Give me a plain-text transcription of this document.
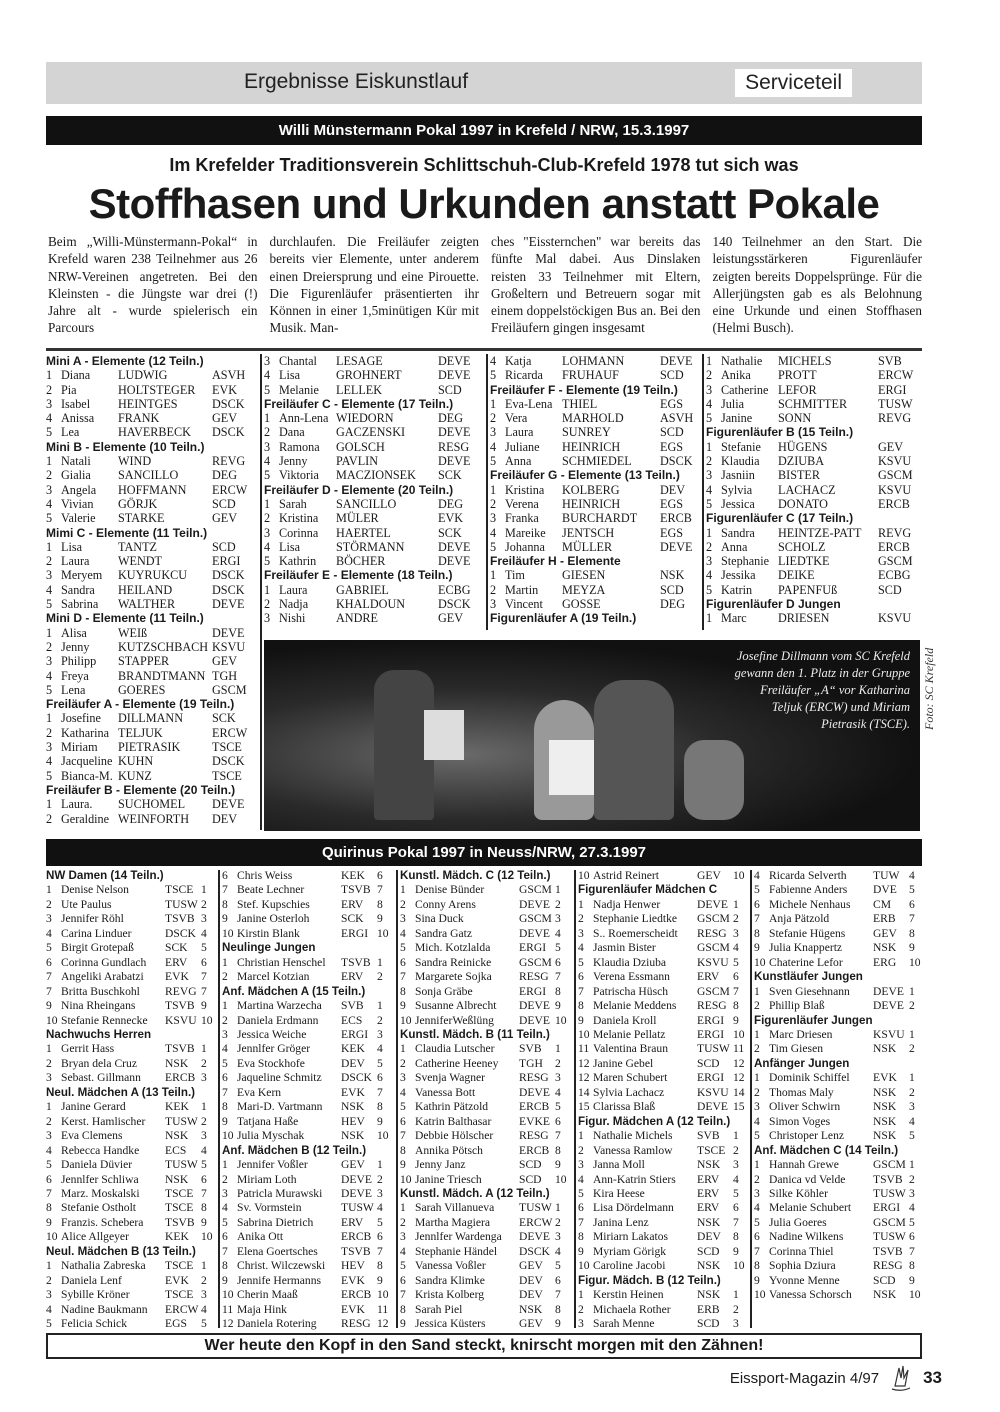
Ergebnisse Eiskunstlauf	Serviceteil
Willi Münstermann Pokal 1997 in Krefeld / NRW, 15.3.1997
Im Krefelder Traditionsverein Schlittschuh-Club-Krefeld 1978 tut sich was
Stoffhasen und Urkunden anstatt Pokale

Beim „Willi-Münstermann-Pokal“ in Krefeld waren 238 Teilnehmer aus 26 NRW-Vereinen angetreten. Bei den Kleinsten - die Jüngste war drei (!) Jahre alt - wurde spielerisch ein Parcours

durchlaufen. Die Freiläufer zeigten bereits vier Elemente, unter anderem einen Dreiersprung und eine Pirouette. Die Figurenläufer präsentierten ihr Können in einer 1,5minütigen Kür mit Musik. Man-

ches "Eissternchen" war bereits das fünfte Mal dabei. Aus Dinslaken reisten 33 Teilnehmer mit Eltern, Großeltern und Betreuern sogar mit einem doppelstöckigen Bus an. Bei den Freiläufern gingen insgesamt

140 Teilnehmer an den Start. Die leistungsstärkeren Figurenläufer zeigten bereits Doppelsprünge. Für die Allerjüngsten gab es als Belohnung eine Urkunde und einen Stoffhasen (Helmi Busch).

Mini A - Elemente (12 Teiln.)
1 Diana	LUDWIG	ASVH
2 Pia	HOLTSTEGER	EVK
3 Isabel	HEINTGES	DSCK
4 Anissa	FRANK	GEV
5 Lea	HAVERBECK	DSCK
Mini B - Elemente (10 Teiln.)
1 Natali	WIND	REVG
2 Gialia	SANCILLO	DEG
3 Angela	HOFFMANN	ERCW
4 Vivian	GÖRJK	SCD
5 Valerie	STARKE	GEV
Mimi C - Elemente (11 Teiln.)
1 Lisa	TANTZ	SCD
2 Laura	WENDT	ERGI
3 Meryem	KUYRUKCU	DSCK
4 Sandra	HEILAND	DSCK
5 Sabrina	WALTHER	DEVE
Mini D - Elemente (11 Teiln.)
1 Alisa	WEIß	DEVE
2 Jenny	KUTZSCHBACH KSVU
3 Philipp	STAPPER	GEV
4 Freya	BRANDTMANN TGH
5 Lena	GOERES	GSCM
Freiläufer A - Elemente (19 Teiln.)
1 Josefine	DILLMANN	SCK
2 Katharina TELJUK	ERCW
3 Miriam	PIETRASIK	TSCE
4 Jacqueline KUHN	DSCK
5 Bianca-M. KUNZ	TSCE
Freiläufer B - Elemente (20 Teiln.)
1 Laura.	SUCHOMEL	DEVE
2 Geraldine WEINFORTH	DEV
3 Chantal	LESAGE	DEVE
4 Lisa	GROHNERT	DEVE
5 Melanie	LELLEK	SCD
Freiläufer C - Elemente (17 Teiln.)
1 Ann-Lena WIEDORN	DEG
2 Dana	GACZENSKI	DEVE
3 Ramona	GOLSCH	RESG
4 Jenny	PAVLIN	DEVE
5 Viktoria	MACZIONSEK	SCK
Freiläufer D - Elemente (20 Teiln.)
1 Sarah	SANCILLO	DEG
2 Kristina	MÜLER	EVK
3 Corinna	HAERTEL	SCK
4 Lisa	STÖRMANN	DEVE
5 Kathrin	BÖCHER	DEVE
Freiläufer E - Elemente (18 Teiln.)
1 Laura	GABRIEL	ECBG
2 Nadja	KHALDOUN	DSCK
3 Nishi	ANDRE	GEV
4 Katja	LOHMANN	DEVE
5 Ricarda	FRUHAUF	SCD
Freiläufer F - Elemente (19 Teiln.)
1 Eva-Lena THIEL	EGS
2 Vera	MARHOLD	ASVH
3 Laura	SUNREY	SCD
4 Juliane	HEINRICH	EGS
5 Anna	SCHMIEDEL	DSCK
Freiläufer G - Elemente (13 Teiln.)
1 Kristina	KOLBERG	DEV
2 Verena	HEINRICH	EGS
3 Franka	BURCHARDT	ERCB
4 Mareike	JENTSCH	EGS
5 Johanna	MÜLLER	DEVE
Freiläufer H - Elemente
1 Tim	GIESEN	NSK
2 Martin	MEYZA	SCD
3 Vincent	GOSSE	DEG
Figurenläufer A (19 Teiln.)
1 Nathalie	MICHELS	SVB
2 Anika	PROTT	ERCW
3 Catherine LEFOR	ERGI
4 Julia	SCHMITTER	TUSW
5 Janine	SONN	REVG
Figurenläufer B (15 Teiln.)
1 Stefanie	HÜGENS	GEV
2 Klaudia	DZIUBA	KSVU
3 Jasniin	BISTER	GSCM
4 Sylvia	LACHACZ	KSVU
5 Jessica	DONATO	ERCB
Figurenläufer C (17 Teiln.)
1 Sandra	HEINTZE-PATT	REVG
2 Anna	SCHOLZ	ERCB
3 Stephanie LIEDTKE	GSCM
4 Jessika	DEIKE	ECBG
5 Katrin	PAPENFUß	SCD
Figurenläufer D Jungen
1 Marc	DRIESEN	KSVU
Josefine Dillmann vom SC Krefeld gewann den 1. Platz in der Gruppe Freiläufer „A“ vor Katharina Teljuk (ERCW) und Miriam Pietrasik (TSCE). Foto: SC Krefeld
Quirinus Pokal 1997 in Neuss/NRW, 27.3.1997
NW Damen (14 Teiln.)
1 Denise Nelson	TSCE 1
2 Ute Paulus	TUSW 2
3 Jennifer Röhl	TSVB 3
4 Carina Linduer	DSCK 4
5 Birgit Grotepaß	SCK	5
6 Corinna Gundlach	ERV	6
7 Angeliki Arabatzi	EVK	7
7 Britta Buschkohl	REVG 7
9 Nina Rheingans	TSVB 9
10 Stefanie Rennecke	KSVU 10
Nachwuchs Herren
1 Gerrit Hass	TSVB 1
2 Bryan dela Cruz	NSK	2
3 Sebast. Gillmann	ERCB 3
Neul. Mädchen A (13 Teiln.)
1 Janine Gerard	KEK	1
2 Kerst. Hamlischer	TUSW 2
3 Eva Clemens	NSK	3
4 Rebecca Handke	ECS	4
5 Daniela Düvier	TUSW 5
6 Jennlfer Schliwa	NSK	6
7 Marz. Moskalski	TSCE 7
8 Stefanie Ostholt	TSCE 8
9 Franzis. Schebera	TSVB 9
10 Alice Allgeyer	KEK	10
Neul. Mädchen B (13 Teiln.)
1 Nathalia Zabreska	TSCE 1
2 Daniela Lenf	EVK	2
3 Sybille Kröner	TSCE 3
4 Nadine Baukmann	ERCW 4
5 Felicia Schick	EGS	5
6 Chris Weiss	KEK	6
7 Beate Lechner	TSVB 7
8 Stef. Kupschies	ERV	8
9 Janine Osterloh	SCK	9
10 Kirstin Blank	ERGI 10
Neulinge Jungen
1 Christian Henschel	TSVB 1
2 Marcel Kotzian	ERV	2
Anf. Mädchen A (15 Teiln.)
1 Martina Warzecha	SVB	1
2 Daniela Erdmann	ECS	2
3 Jessica Weiche	ERGI 3
4 Jennlfer Gröger	KEK	4
5 Eva Stockhofe	DEV	5
6 Jaqueline Schmitz	DSCK 6
7 Eva Kern	EVK	7
8 Mari-D. Vartmann	NSK	8
9 Tatjana Haße	HEV	9
10 Julia Myschak	NSK	10
Anf. Mädchen B (12 Teiln.)
1 Jennifer Voßler	GEV	1
2 Miriam Loth	DEVE 2
3 Patricla Murawski	DEVE 3
4 Sv. Vormstein	TUSW 4
5 Sabrina Dietrich	ERV	5
6 Anika Ott	ERCB 6
7 Elena Goertsches	TSVB 7
8 Christ. Wilczewski	HEV	8
9 Jennife Hermanns	EVK	9
10 Cherin Maaß	ERCB 10
11 Maja Hink	EVK	11
12 Daniela Rotering	RESG 12
Kunstl. Mädch. C (12 Teiln.)
1 Denise Bünder	GSCM 1
2 Conny Arens	DEVE 2
3 Sina Duck	GSCM 3
4 Sandra Gatz	DEVE 4
5 Mich. Kotzlalda	ERGI 5
6 Sandra Reinicke	GSCM 6
7 Margarete Sojka	RESG 7
8 Sonja Gräbe	ERGI 8
9 Susanne Albrecht	DEVE 9
10 JenniferWeßlüng	DEVE 10
Kunstl. Mädch. B (11 Teiln.)
1 Claudia Lutscher	SVB	1
2 Catherine Heeney	TGH	2
3 Svenja Wagner	RESG 3
4 Vanessa Bott	DEVE 4
5 Kathrin Pätzold	ERCB 5
6 Katrin Balthasar	EVKE 6
7 Debbie Hölscher	RESG 7
8 Annika Pötsch	ERCB 8
9 Jenny Janz	SCD	9
10 Janine Triesch	SCD	10
Kunstl. Mädch. A (12 Teiln.)
1 Sarah Villanueva	TUSW 1
2 Martha Magiera	ERCW 2
3 Jennlfer Wardenga	DEVE 3
4 Stephanie Händel	DSCK 4
5 Vanessa Voßler	GEV	5
6 Sandra Klimke	DEV	6
7 Krista Kolberg	DEV	7
8 Sarah Piel	NSK	8
9 Jessica Küsters	GEV	9
10 Astrid Reinert	GEV	10
Figurenläufer Mädchen C
1 Nadja Henwer	DEVE 1
2 Stephanie Liedtke	GSCM 2
3 S.. Roemerscheidt	RESG 3
4 Jasmin Bister	GSCM 4
5 Klaudia Dziuba	KSVU 5
6 Verena Essmann	ERV	6
7 Patrischa Hüsch	GSCM 7
8 Melanie Meddens	RESG 8
9 Daniela Kroll	ERGI 9
10 Melanie Pellatz	ERGI 10
11 Valentina Braun	TUSW 11
12 Janine Gebel	SCD	12
12 Maren Schubert	ERGI 12
14 Sylvia Lachacz	KSVU 14
15 Clarissa Blaß	DEVE 15
Figur. Mädchen A (12 Teiln.)
1 Nathalie Michels	SVB	1
2 Vanessa Ramlow	TSCE 2
3 Janna Moll	NSK	3
4 Ann-Katrin Stiers	ERV	4
5 Kira Heese	ERV	5
6 Lisa Dördelmann	ERV	6
7 Janina Lenz	NSK	7
8 Miriarn Lakatos	DEV	8
9 Myriam Görigk	SCD	9
10 Caroline Jacobi	NSK	10
Figur. Mädch. B (12 Teiln.)
1 Kerstin Heinen	NSK	1
2 Michaela Rother	ERB	2
3 Sarah Menne	SCD	3
4 Ricarda Selverth	TUW 4
5 Fabienne Anders	DVE	5
6 Michele Nenhaus	CM	6
7 Anja Pätzold	ERB	7
8 Stefanie Hügens	GEV	8
9 Julia Knappertz	NSK	9
10 Chaterine Lefor	ERG	10
Kunstläufer Jungen
1 Sven Giesehnann	DEVE 1
2 Phillip Blaß	DEVE 2
Figurenläufer Jungen
1 Marc Driesen	KSVU 1
2 Tim Giesen	NSK	2
Anfänger Jungen
1 Dominik Schiffel	EVK	1
2 Thomas Maly	NSK	2
3 Oliver Schwirn	NSK	3
4 Simon Voges	NSK	4
5 Christoper Lenz	NSK	5
Anf. Mädchen C (14 Teiln.)
1 Hannah Grewe	GSCM 1
2 Danica vd Velde	TSVB 2
3 Silke Köhler	TUSW 3
4 Melanie Schubert	ERGI 4
5 Julia Goeres	GSCM 5
6 Nadine Wilkens	TUSW 6
7 Corinna Thiel	TSVB 7
8 Sophia Dziura	RESG 8
9 Yvonne Menne	SCD	9
10 Vanessa Schorsch	NSK	10
Wer heute den Kopf in den Sand steckt, knirscht morgen mit den Zähnen!
Eissport-Magazin 4/97	33
